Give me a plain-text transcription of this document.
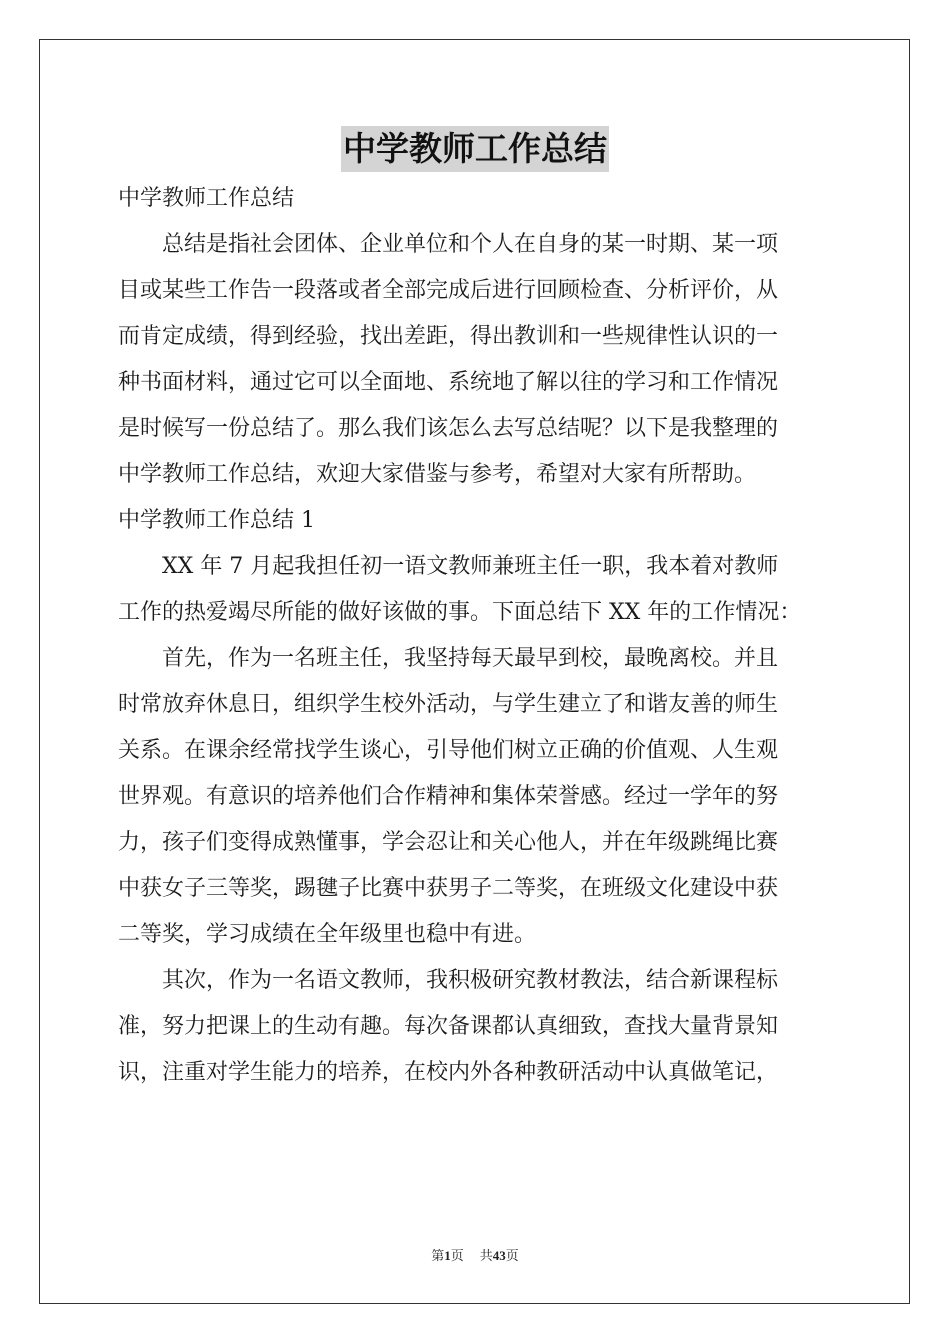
中学教师工作总结

中学教师工作总结

　　总结是指社会团体、企业单位和个人在自身的某一时期、某一项

目或某些工作告一段落或者全部完成后进行回顾检查、分析评价，从

而肯定成绩，得到经验，找出差距，得出教训和一些规律性认识的一

种书面材料，通过它可以全面地、系统地了解以往的学习和工作情况

是时候写一份总结了。那么我们该怎么去写总结呢？以下是我整理的

中学教师工作总结，欢迎大家借鉴与参考，希望对大家有所帮助。

中学教师工作总结 1

　　XX 年 7 月起我担任初一语文教师兼班主任一职，我本着对教师

工作的热爱竭尽所能的做好该做的事。下面总结下 XX 年的工作情况：

　　首先，作为一名班主任，我坚持每天最早到校，最晚离校。并且

时常放弃休息日，组织学生校外活动，与学生建立了和谐友善的师生

关系。在课余经常找学生谈心，引导他们树立正确的价值观、人生观

世界观。有意识的培养他们合作精神和集体荣誉感。经过一学年的努

力，孩子们变得成熟懂事，学会忍让和关心他人，并在年级跳绳比赛

中获女子三等奖，踢毽子比赛中获男子二等奖，在班级文化建设中获

二等奖，学习成绩在全年级里也稳中有进。

　　其次，作为一名语文教师，我积极研究教材教法，结合新课程标

准，努力把课上的生动有趣。每次备课都认真细致，查找大量背景知

识，注重对学生能力的培养，在校内外各种教研活动中认真做笔记，

第1页 共43页
